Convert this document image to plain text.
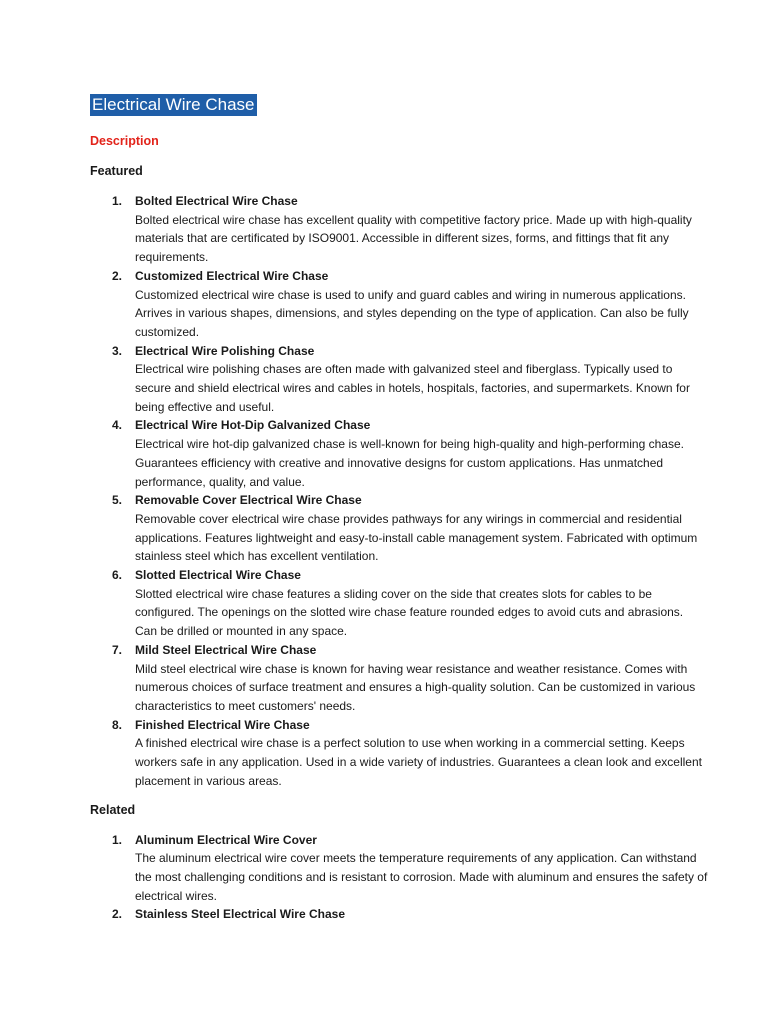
Electrical Wire Chase
Description
Featured
1. Bolted Electrical Wire Chase
Bolted electrical wire chase has excellent quality with competitive factory price. Made up with high-quality materials that are certificated by ISO9001. Accessible in different sizes, forms, and fittings that fit any requirements.
2. Customized Electrical Wire Chase
Customized electrical wire chase is used to unify and guard cables and wiring in numerous applications. Arrives in various shapes, dimensions, and styles depending on the type of application. Can also be fully customized.
3. Electrical Wire Polishing Chase
Electrical wire polishing chases are often made with galvanized steel and fiberglass. Typically used to secure and shield electrical wires and cables in hotels, hospitals, factories, and supermarkets. Known for being effective and useful.
4. Electrical Wire Hot-Dip Galvanized Chase
Electrical wire hot-dip galvanized chase is well-known for being high-quality and high-performing chase. Guarantees efficiency with creative and innovative designs for custom applications. Has unmatched performance, quality, and value.
5. Removable Cover Electrical Wire Chase
Removable cover electrical wire chase provides pathways for any wirings in commercial and residential applications. Features lightweight and easy-to-install cable management system. Fabricated with optimum stainless steel which has excellent ventilation.
6. Slotted Electrical Wire Chase
Slotted electrical wire chase features a sliding cover on the side that creates slots for cables to be configured. The openings on the slotted wire chase feature rounded edges to avoid cuts and abrasions. Can be drilled or mounted in any space.
7. Mild Steel Electrical Wire Chase
Mild steel electrical wire chase is known for having wear resistance and weather resistance. Comes with numerous choices of surface treatment and ensures a high-quality solution. Can be customized in various characteristics to meet customers' needs.
8. Finished Electrical Wire Chase
A finished electrical wire chase is a perfect solution to use when working in a commercial setting. Keeps workers safe in any application. Used in a wide variety of industries. Guarantees a clean look and excellent placement in various areas.
Related
1. Aluminum Electrical Wire Cover
The aluminum electrical wire cover meets the temperature requirements of any application. Can withstand the most challenging conditions and is resistant to corrosion. Made with aluminum and ensures the safety of electrical wires.
2. Stainless Steel Electrical Wire Chase
